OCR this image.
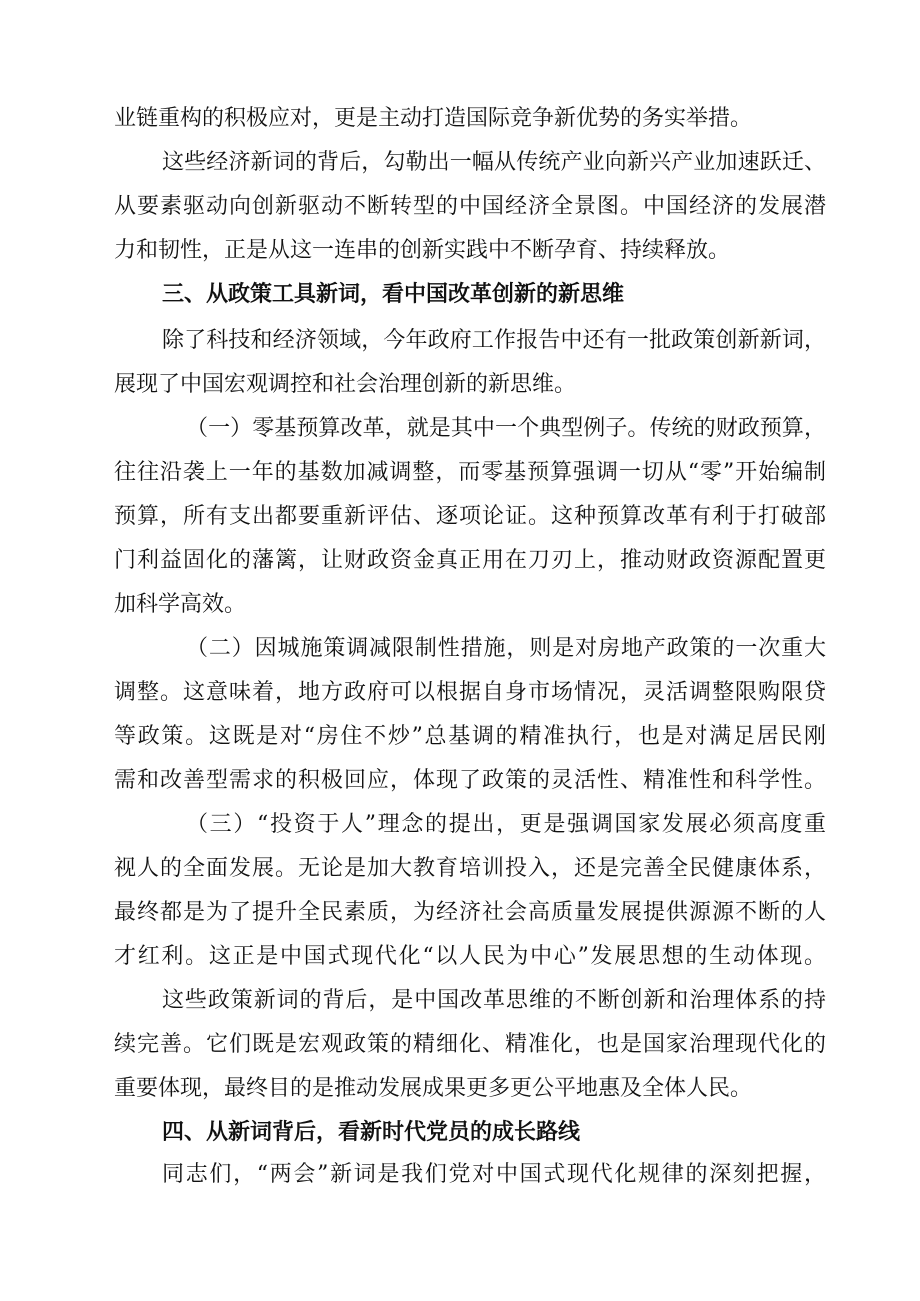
业链重构的积极应对，更是主动打造国际竞争新优势的务实举措。
这些经济新词的背后，勾勒出一幅从传统产业向新兴产业加速跃迁、
从要素驱动向创新驱动不断转型的中国经济全景图。中国经济的发展潜
力和韧性，正是从这一连串的创新实践中不断孕育、持续释放。
三、从政策工具新词，看中国改革创新的新思维
除了科技和经济领域，今年政府工作报告中还有一批政策创新新词，
展现了中国宏观调控和社会治理创新的新思维。
（一）零基预算改革，就是其中一个典型例子。传统的财政预算，
往往沿袭上一年的基数加减调整，而零基预算强调一切从“零”开始编制
预算，所有支出都要重新评估、逐项论证。这种预算改革有利于打破部
门利益固化的藩篱，让财政资金真正用在刀刃上，推动财政资源配置更
加科学高效。
（二）因城施策调减限制性措施，则是对房地产政策的一次重大
调整。这意味着，地方政府可以根据自身市场情况，灵活调整限购限贷
等政策。这既是对“房住不炒”总基调的精准执行，也是对满足居民刚
需和改善型需求的积极回应，体现了政策的灵活性、精准性和科学性。
（三）“投资于人”理念的提出，更是强调国家发展必须高度重
视人的全面发展。无论是加大教育培训投入，还是完善全民健康体系，
最终都是为了提升全民素质，为经济社会高质量发展提供源源不断的人
才红利。这正是中国式现代化“以人民为中心”发展思想的生动体现。
这些政策新词的背后，是中国改革思维的不断创新和治理体系的持
续完善。它们既是宏观政策的精细化、精准化，也是国家治理现代化的
重要体现，最终目的是推动发展成果更多更公平地惠及全体人民。
四、从新词背后，看新时代党员的成长路线
同志们，“两会”新词是我们党对中国式现代化规律的深刻把握，
